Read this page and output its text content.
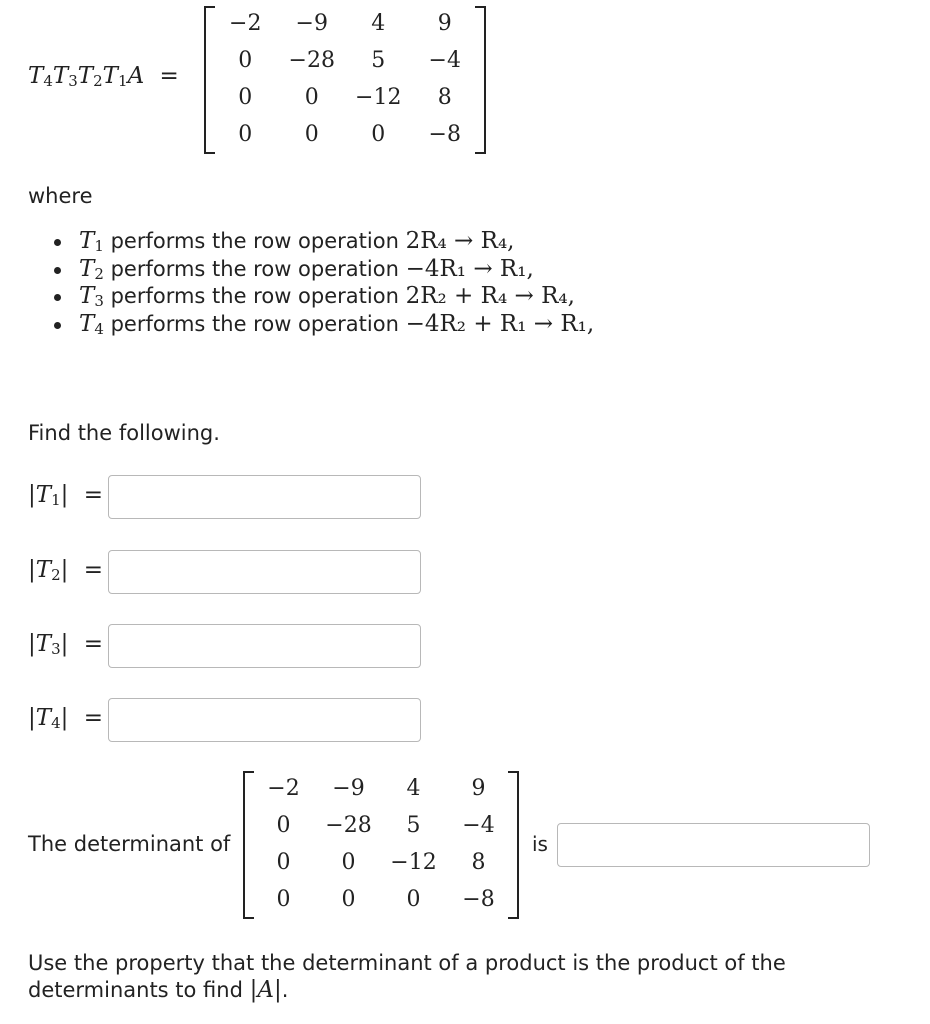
$T_4T_3T_2T_1A$ =
−2	−9	4	9
0	−28	5	−4
0	0	−12	8
0	0	0	−8
where
$T_1$ performs the row operation 2R₄ → R₄,
$T_2$ performs the row operation −4R₁ → R₁,
$T_3$ performs the row operation 2R₂ + R₄ → R₄,
$T_4$ performs the row operation −4R₂ + R₁ → R₁,
Find the following.
$|T_1|$ =
$|T_2|$ =
$|T_3|$ =
$|T_4|$ =
The determinant of
−2	−9	4	9
0	−28	5	−4
0	0	−12	8
0	0	0	−8
is
Use the property that the determinant of a product is the product of the
determinants to find |A|.
